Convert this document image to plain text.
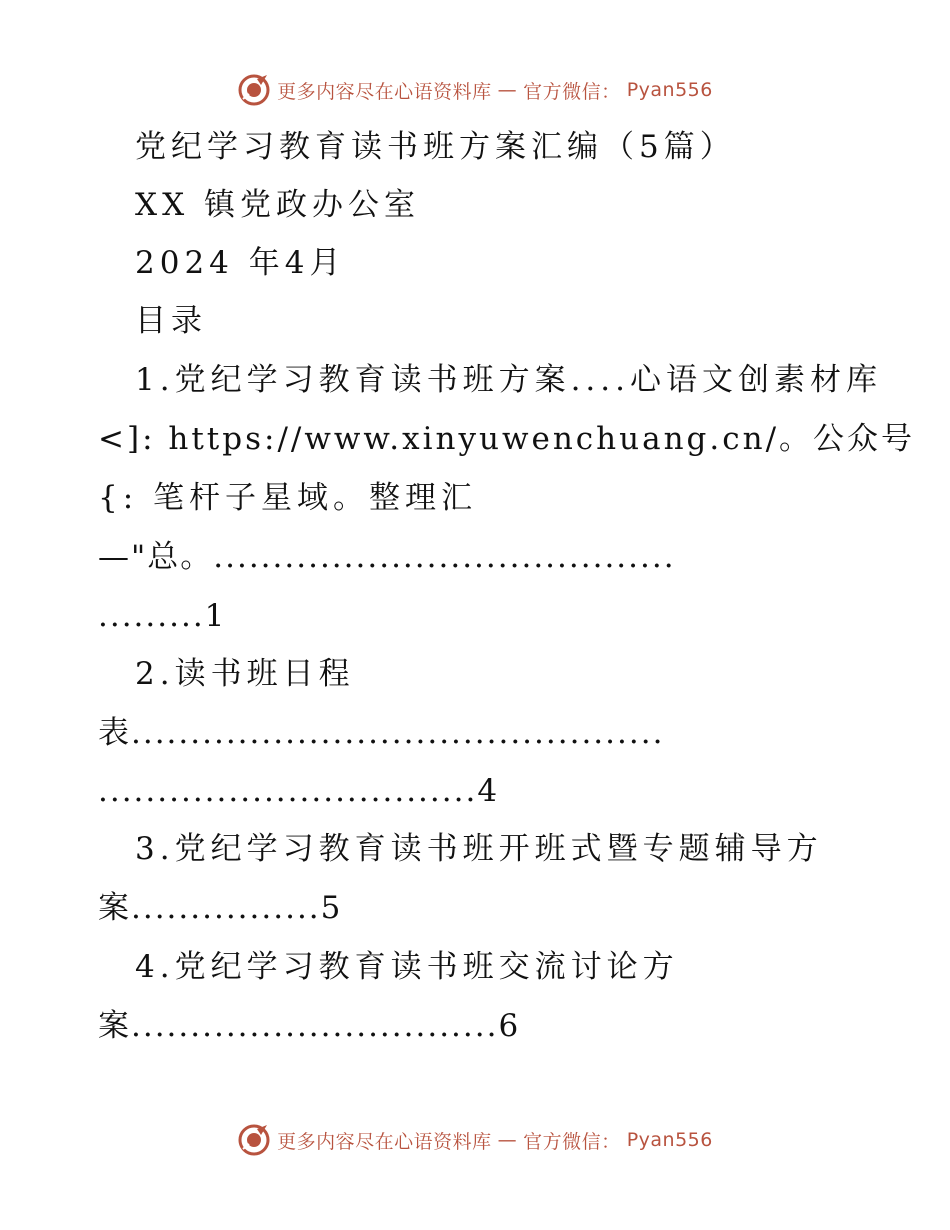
更多内容尽在心语资料库 — 官方微信： Pyan556
党纪学习教育读书班方案汇编（5篇）
XX 镇党政办公室
2024 年4月
目录
1.党纪学习教育读书班方案....心语文创素材库
<]: https://www.xinyuwenchuang.cn/。公众号
{: 笔杆子星域。整理汇
—"总。.......................................
.........1
2.读书班日程
表.............................................
................................4
3.党纪学习教育读书班开班式暨专题辅导方
案................5
4.党纪学习教育读书班交流讨论方
案...............................6
更多内容尽在心语资料库 — 官方微信： Pyan556
